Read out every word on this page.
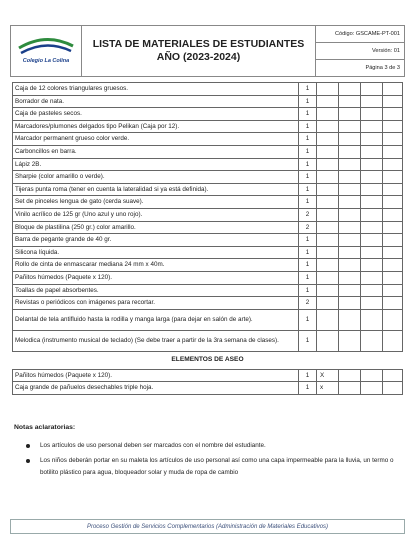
Colegio La Colina
LISTA DE MATERIALES DE ESTUDIANTES
AÑO (2023-2024)
Código: GSCAME-PT-001
Versión: 01
Página 3 de 3
Caja de 12 colores triangulares gruesos.	1				
Borrador de nata.	1				
Caja de pasteles secos.	1				
Marcadores/plumones delgados tipo Pelikan (Caja por 12).	1				
Marcador permanent grueso color verde.	1				
Carboncillos en barra.	1				
Lápiz 2B.	1				
Sharpie (color amarillo o verde).	1				
Tijeras punta roma (tener en cuenta la lateralidad si ya está definida).	1				
Set de pinceles lengua de gato (cerda suave).	1				
Vinilo acrílico de 125 gr (Uno azul y uno rojo).	2				
Bloque de plastilina (250 gr.) color amarillo.	2				
Barra de pegante grande de 40 gr.	1				
Silicona líquida.	1				
Rollo de cinta de enmascarar mediana 24 mm x 40m.	1				
Pañitos húmedos (Paquete x 120).	1				
Toallas de papel absorbentes.	1				
Revistas o periódicos con imágenes para recortar.	2				
Delantal de tela antifluido hasta la rodilla y manga larga (para dejar en salón de arte).	1				
Melodica (instrumento musical de teclado) (Se debe traer a partir de la 3ra semana de clases).	1				
ELEMENTOS DE ASEO					
Pañitos húmedos (Paquete x 120).	1	X			
Caja grande de pañuelos desechables triple hoja.	1	x			
Notas aclaratorias:
Los artículos de uso personal deben ser marcados con el nombre del estudiante.
Los niños deberán portar en su maleta los artículos de uso personal así como una capa impermeable para la lluvia, un termo o botilito plástico para agua, bloqueador solar y muda de ropa de cambio
Proceso Gestión de Servicios Complementarios (Administración de Materiales Educativos)
